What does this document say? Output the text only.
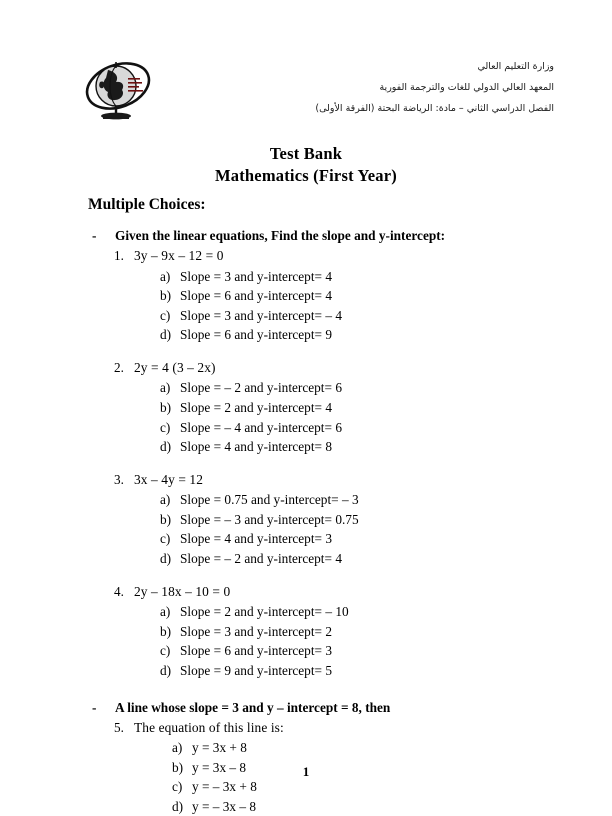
وزارة التعليم العالي
المعهد العالي الدولي للغات والترجمة الفورية
الفصل الدراسي الثاني – مادة: الرياضة البحتة (الفرقة الأولى)
Test Bank
Mathematics (First Year)
Multiple Choices:
- Given the linear equations, Find the slope and y-intercept:
1. 3y – 9x – 12 = 0
a) Slope = 3 and y-intercept= 4
b) Slope = 6 and y-intercept= 4
c) Slope = 3 and y-intercept= – 4
d) Slope = 6 and y-intercept= 9
2. 2y = 4 (3 – 2x)
a) Slope = – 2 and y-intercept= 6
b) Slope = 2 and y-intercept= 4
c) Slope = – 4 and y-intercept= 6
d) Slope = 4 and y-intercept= 8
3. 3x – 4y = 12
a) Slope = 0.75 and y-intercept= – 3
b) Slope = – 3 and y-intercept= 0.75
c) Slope = 4 and y-intercept= 3
d) Slope = – 2 and y-intercept= 4
4. 2y – 18x – 10 = 0
a) Slope = 2 and y-intercept= – 10
b) Slope = 3 and y-intercept= 2
c) Slope = 6 and y-intercept= 3
d) Slope = 9 and y-intercept= 5
- A line whose slope = 3 and y – intercept = 8, then
5. The equation of this line is:
a) y = 3x + 8
b) y = 3x – 8
c) y = – 3x + 8
d) y = – 3x – 8
1
